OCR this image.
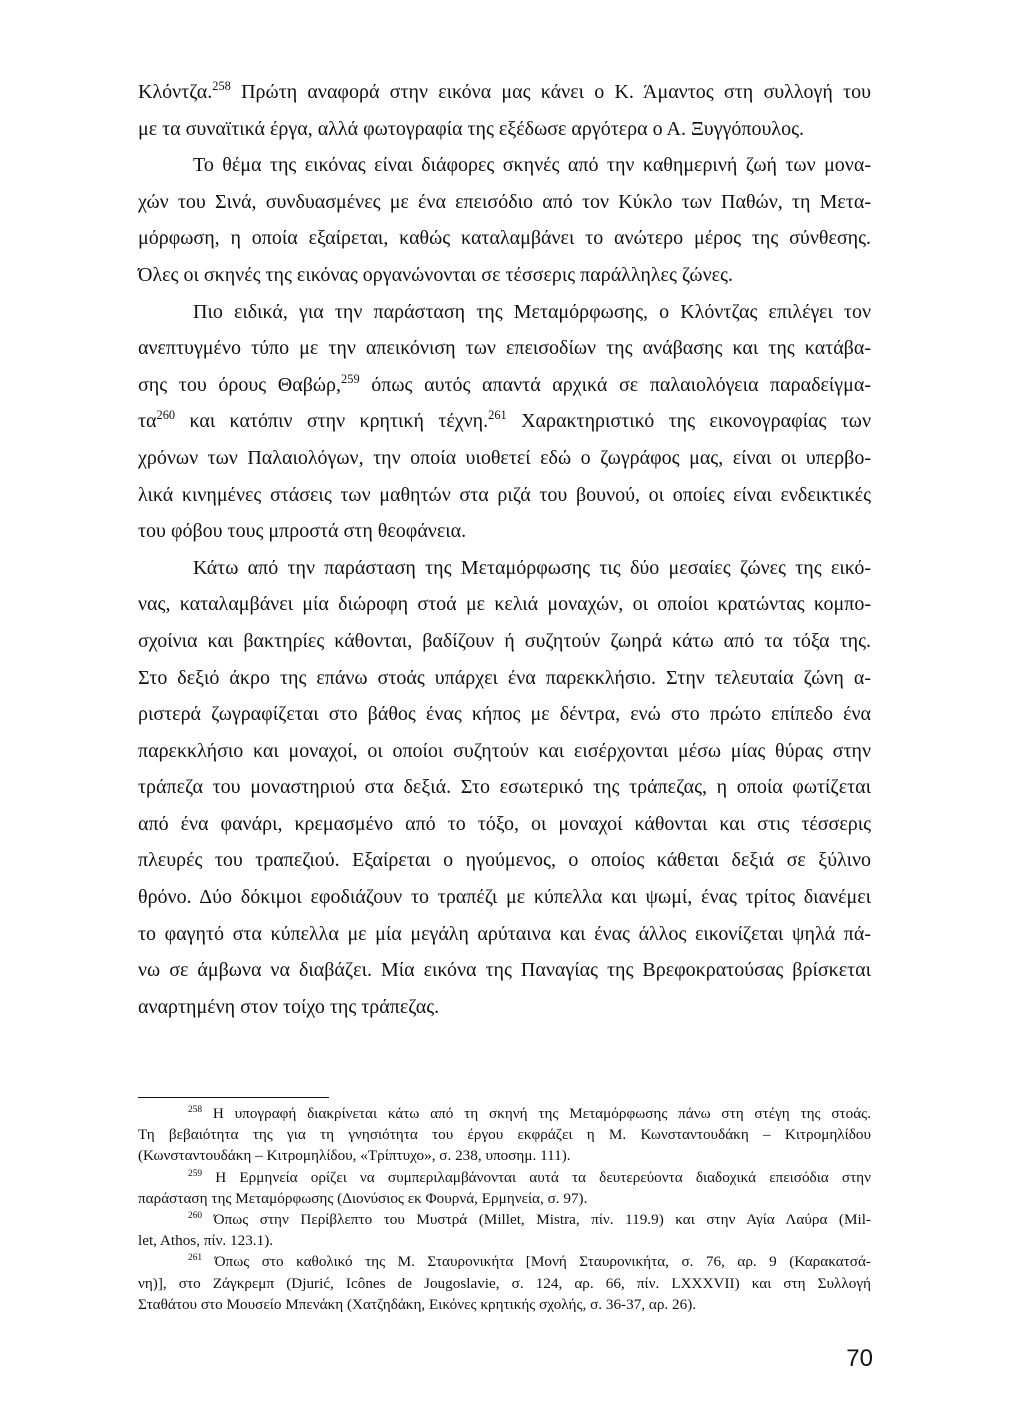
Κλόντζα.$^{258}$ Πρώτη αναφορά στην εικόνα μας κάνει ο Κ. Άμαντος στη συλλογή του
με τα συναϊτικά έργα, αλλά φωτογραφία της εξέδωσε αργότερα ο Α. Ξυγγόπουλος.
Το θέμα της εικόνας είναι διάφορες σκηνές από την καθημερινή ζωή των μονα-
χών του Σινά, συνδυασμένες με ένα επεισόδιο από τον Κύκλο των Παθών, τη Μετα-
μόρφωση, η οποία εξαίρεται, καθώς καταλαμβάνει το ανώτερο μέρος της σύνθεσης.
Όλες οι σκηνές της εικόνας οργανώνονται σε τέσσερις παράλληλες ζώνες.
Πιο ειδικά, για την παράσταση της Μεταμόρφωσης, ο Κλόντζας επιλέγει τον
ανεπτυγμένο τύπο με την απεικόνιση των επεισοδίων της ανάβασης και της κατάβα-
σης του όρους Θαβώρ,$^{259}$ όπως αυτός απαντά αρχικά σε παλαιολόγεια παραδείγμα-
$\tau\alpha^{260}$ και κατόπιν στην κρητική τέχνη.$^{261}$ Χαρακτηριστικό της εικονογραφίας των
χρόνων των Παλαιολόγων, την οποία υιοθετεί εδώ ο ζωγράφος μας, είναι οι υπερβο-
λικά κινημένες στάσεις των μαθητών στα ριζά του βουνού, οι οποίες είναι ενδεικτικές
του φόβου τους μπροστά στη θεοφάνεια.
Κάτω από την παράσταση της Μεταμόρφωσης τις δύο μεσαίες ζώνες της εικό-
νας, καταλαμβάνει μία διώροφη στοά με κελιά μοναχών, οι οποίοι κρατώντας κομπο-
σχοίνια και βακτηρίες κάθονται, βαδίζουν ή συζητούν ζωηρά κάτω από τα τόξα της.
Στο δεξιό άκρο της επάνω στοάς υπάρχει ένα παρεκκλήσιο. Στην τελευταία ζώνη α-
ριστερά ζωγραφίζεται στο βάθος ένας κήπος με δέντρα, ενώ στο πρώτο επίπεδο ένα
παρεκκλήσιο και μοναχοί, οι οποίοι συζητούν και εισέρχονται μέσω μίας θύρας στην
τράπεζα του μοναστηριού στα δεξιά. Στο εσωτερικό της τράπεζας, η οποία φωτίζεται
από ένα φανάρι, κρεμασμένο από το τόξο, οι μοναχοί κάθονται και στις τέσσερις
πλευρές του τραπεζιού. Εξαίρεται ο ηγούμενος, ο οποίος κάθεται δεξιά σε ξύλινο
θρόνο. Δύο δόκιμοι εφοδιάζουν το τραπέζι με κύπελλα και ψωμί, ένας τρίτος διανέμει
το φαγητό στα κύπελλα με μία μεγάλη αρύταινα και ένας άλλος εικονίζεται ψηλά πά-
νω σε άμβωνα να διαβάζει. Μία εικόνα της Παναγίας της Βρεφοκρατούσας βρίσκεται
αναρτημένη στον τοίχο της τράπεζας.
$^{258}$ Η υπογραφή διακρίνεται κάτω από τη σκηνή της Μεταμόρφωσης πάνω στη στέγη της στοάς.
Τη βεβαιότητα της για τη γνησιότητα του έργου εκφράζει η Μ. Κωνσταντουδάκη – Κιτρομηλίδου
(Κωνσταντουδάκη – Κιτρομηλίδου, «Τρίπτυχο», σ. 238, υποσημ. 111).
$^{259}$ Η Ερμηνεία ορίζει να συμπεριλαμβάνονται αυτά τα δευτερεύοντα διαδοχικά επεισόδια στην
παράσταση της Μεταμόρφωσης (Διονύσιος εκ Φουρνά, Ερμηνεία, σ. 97).
$^{260}$ Όπως στην Περίβλεπτο του Μυστρά (Millet, Mistra, πίν. 119.9) και στην Αγία Λαύρα (Mil-
let, Athos, πίν. 123.1).
$^{261}$ Όπως στο καθολικό της Μ. Σταυρονικήτα [Μονή Σταυρονικήτα, σ. 76, αρ. 9 (Καρακατσά-
νη)], στο Ζάγκρεμπ (Djurić, Icônes de Jougoslavie, σ. 124, αρ. 66, πίν. LXXXVII) και στη Συλλογή
Σταθάτου στο Μουσείο Μπενάκη (Χατζηδάκη, Εικόνες κρητικής σχολής, σ. 36-37, αρ. 26).
70
